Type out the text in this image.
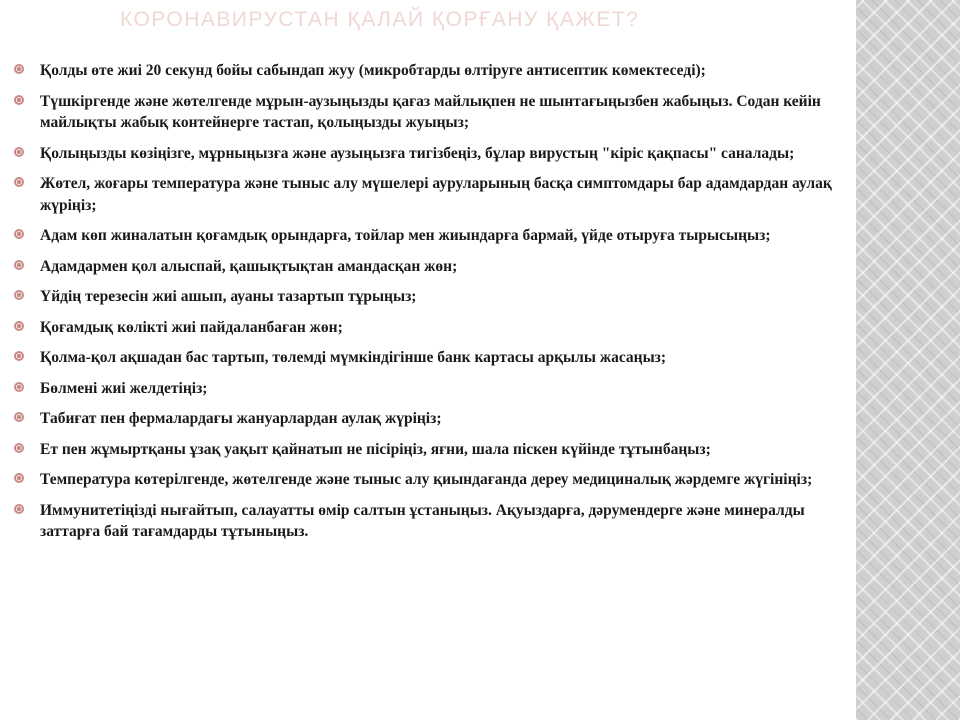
КОРОНАВИРУСТАН ҚАЛАЙ ҚОРҒАНУ ҚАЖЕТ?
Қолды өте жиі 20 секунд бойы сабындап жуу (микробтарды өлтіруге антисептик көмектеседі);
Түшкіргенде және жөтелгенде мұрын-аузыңызды қағаз майлықпен не шынтағыңызбен жабыңыз. Содан кейін майлықты жабық контейнерге тастап, қолыңызды жуыңыз;
Қолыңызды көзіңізге, мұрныңызға және аузыңызға тигізбеңіз, бұлар вирустың "кіріс қақпасы" саналады;
Жөтел, жоғары температура және тыныс алу мүшелері ауруларының басқа симптомдары бар адамдардан аулақ жүріңіз;
Адам көп жиналатын қоғамдық орындарға, тойлар мен жиындарға бармай, үйде отыруға тырысыңыз;
Адамдармен қол алыспай, қашықтықтан амандасқан жөн;
Үйдің терезесін жиі ашып, ауаны тазартып тұрыңыз;
Қоғамдық көлікті жиі пайдаланбаған жөн;
Қолма-қол ақшадан бас тартып, төлемді мүмкіндігінше банк картасы арқылы жасаңыз;
Бөлмені жиі желдетіңіз;
Табиғат пен фермалардағы жануарлардан аулақ жүріңіз;
Ет пен жұмыртқаны ұзақ уақыт қайнатып не пісіріңіз, яғни, шала піскен күйінде тұтынбаңыз;
Температура көтерілгенде, жөтелгенде және тыныс алу қиындағанда дереу медициналық жәрдемге жүгініңіз;
Иммунитетіңізді нығайтып, салауатты өмір салтын ұстаныңыз. Ақуыздарға, дәрумендерге және минералды заттарға бай тағамдарды тұтыныңыз.
